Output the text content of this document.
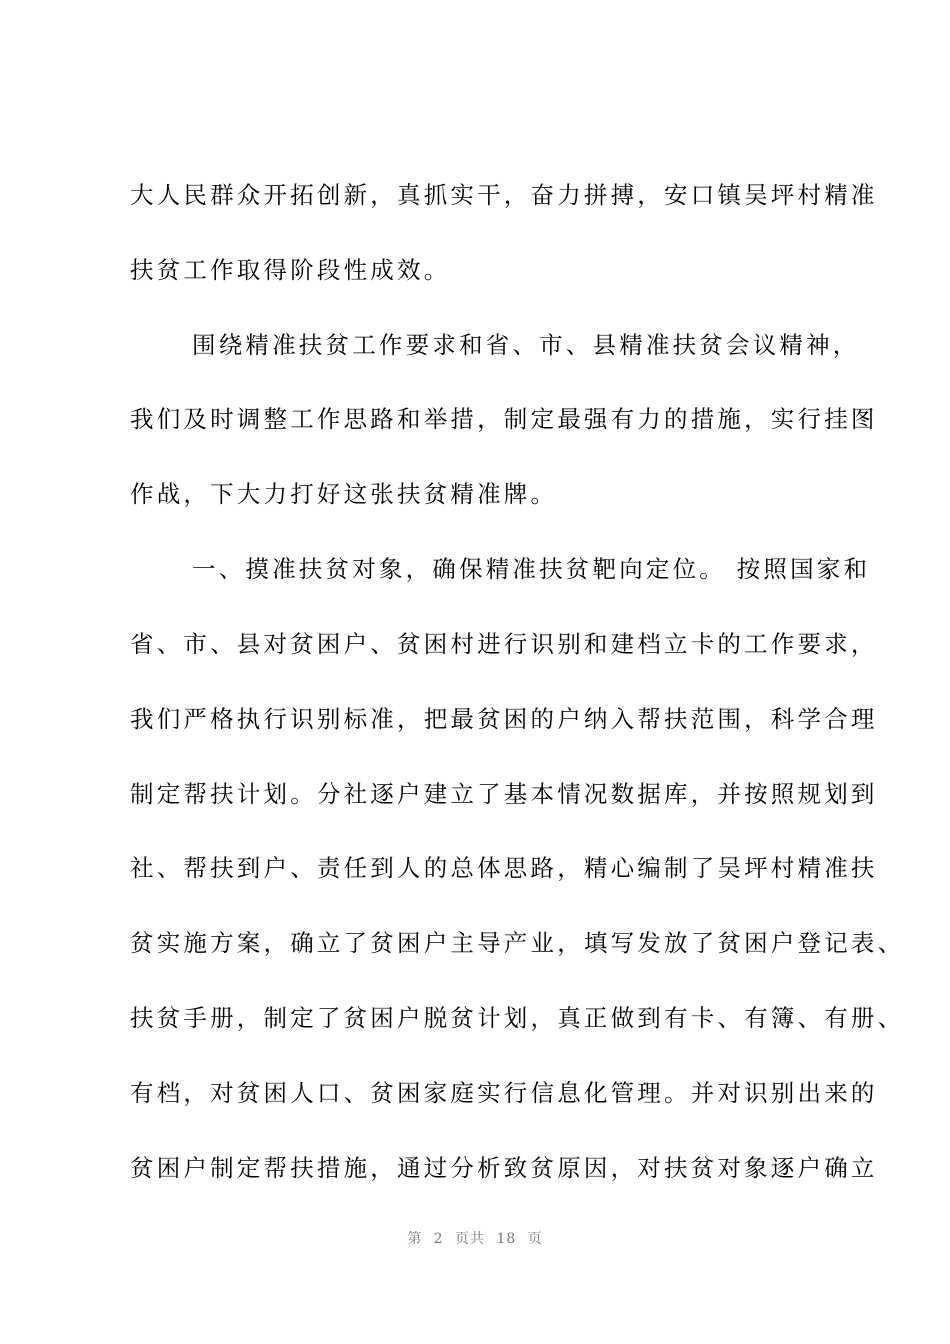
大人民群众开拓创新，真抓实干，奋力拼搏，安口镇吴坪村精准
扶贫工作取得阶段性成效。
围绕精准扶贫工作要求和省、市、县精准扶贫会议精神，
我们及时调整工作思路和举措，制定最强有力的措施，实行挂图
作战，下大力打好这张扶贫精准牌。
一、摸准扶贫对象，确保精准扶贫靶向定位。 按照国家和
省、市、县对贫困户、贫困村进行识别和建档立卡的工作要求，
我们严格执行识别标准，把最贫困的户纳入帮扶范围，科学合理
制定帮扶计划。分社逐户建立了基本情况数据库，并按照规划到
社、帮扶到户、责任到人的总体思路，精心编制了吴坪村精准扶
贫实施方案，确立了贫困户主导产业，填写发放了贫困户登记表、
扶贫手册，制定了贫困户脱贫计划，真正做到有卡、有簿、有册、
有档，对贫困人口、贫困家庭实行信息化管理。并对识别出来的
贫困户制定帮扶措施，通过分析致贫原因，对扶贫对象逐户确立
第 2 页共 18 页
